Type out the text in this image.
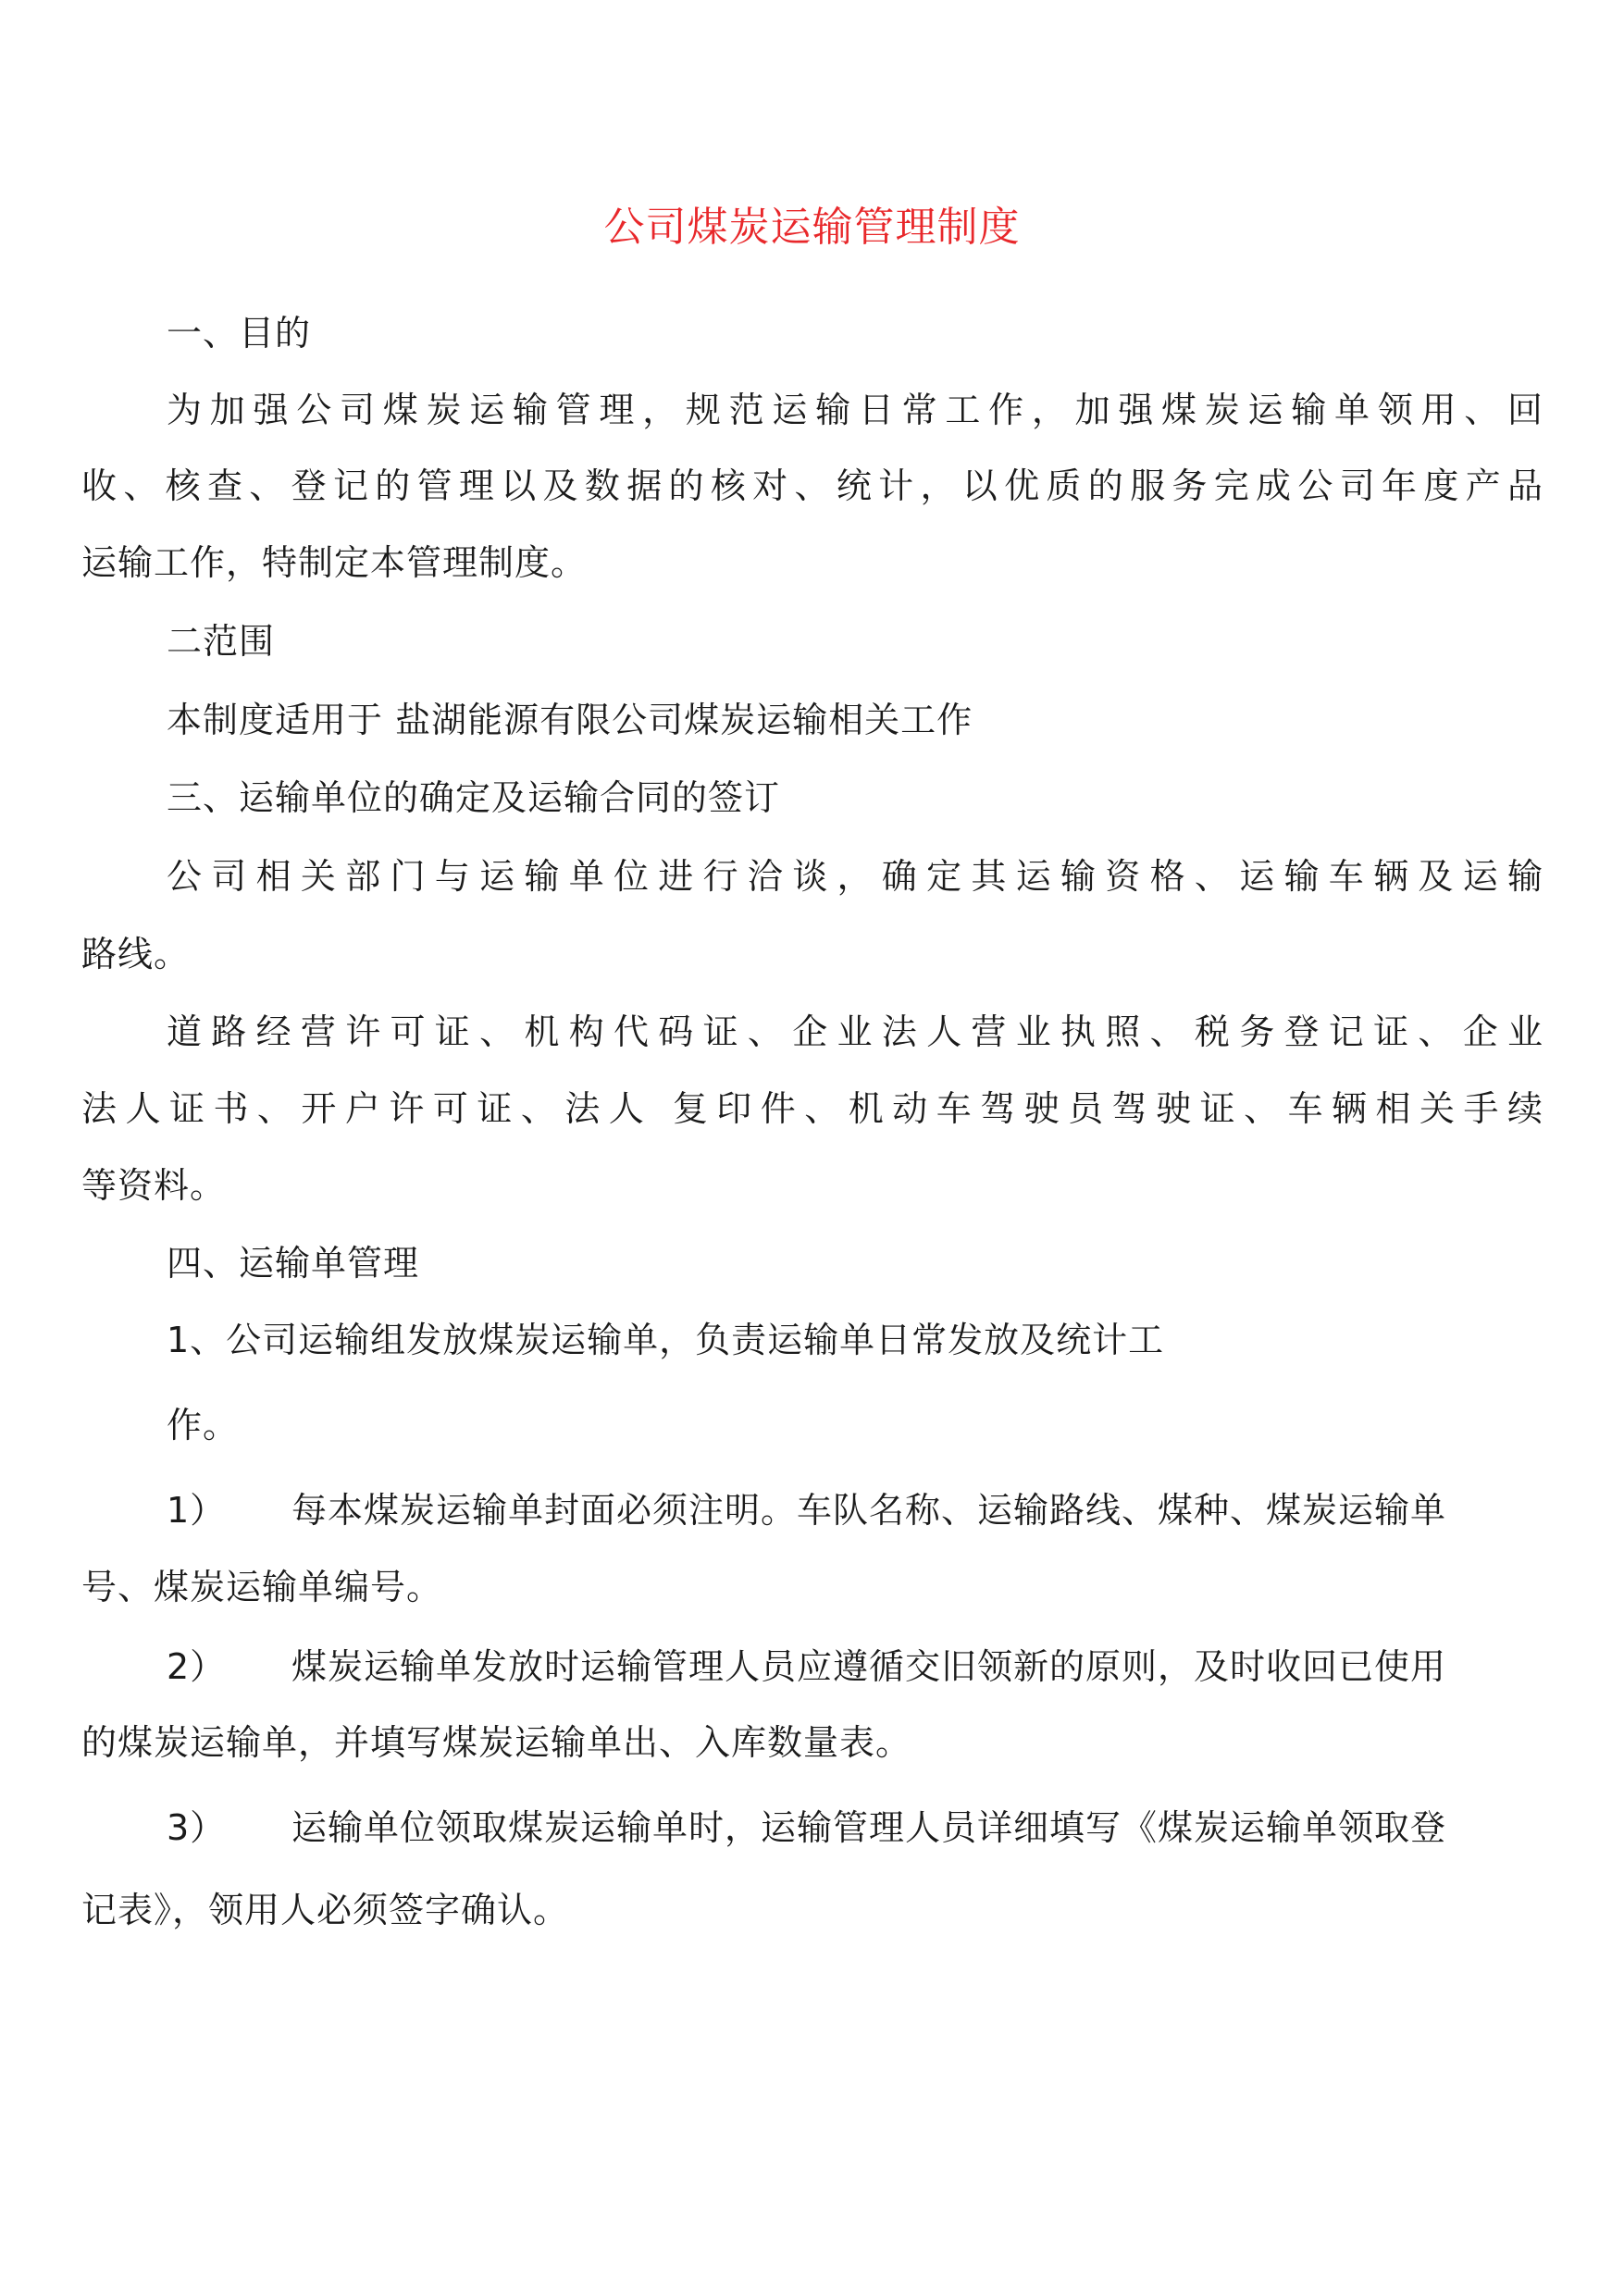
公司煤炭运输管理制度
一、目的
为加强公司煤炭运输管理，规范运输日常工作，加强煤炭运输单领用、回
收、核查、登记的管理以及数据的核对、统计，以优质的服务完成公司年度产品
运输工作，特制定本管理制度。
二范围
本制度适用于 盐湖能源有限公司煤炭运输相关工作
三、运输单位的确定及运输合同的签订
公司相关部门与运输单位进行洽谈，确定其运输资格、运输车辆及运输
路线。
道路经营许可证、机构代码证、企业法人营业执照、税务登记证、企业
法人证书、开户许可证、法人 复印件、机动车驾驶员驾驶证、车辆相关手续
等资料。
四、运输单管理
1、公司运输组发放煤炭运输单，负责运输单日常发放及统计工
作。
1） 每本煤炭运输单封面必须注明。车队名称、运输路线、煤种、煤炭运输单
号、煤炭运输单编号。
2） 煤炭运输单发放时运输管理人员应遵循交旧领新的原则，及时收回已使用
的煤炭运输单，并填写煤炭运输单出、入库数量表。
3） 运输单位领取煤炭运输单时，运输管理人员详细填写《煤炭运输单领取登
记表》，领用人必须签字确认。
